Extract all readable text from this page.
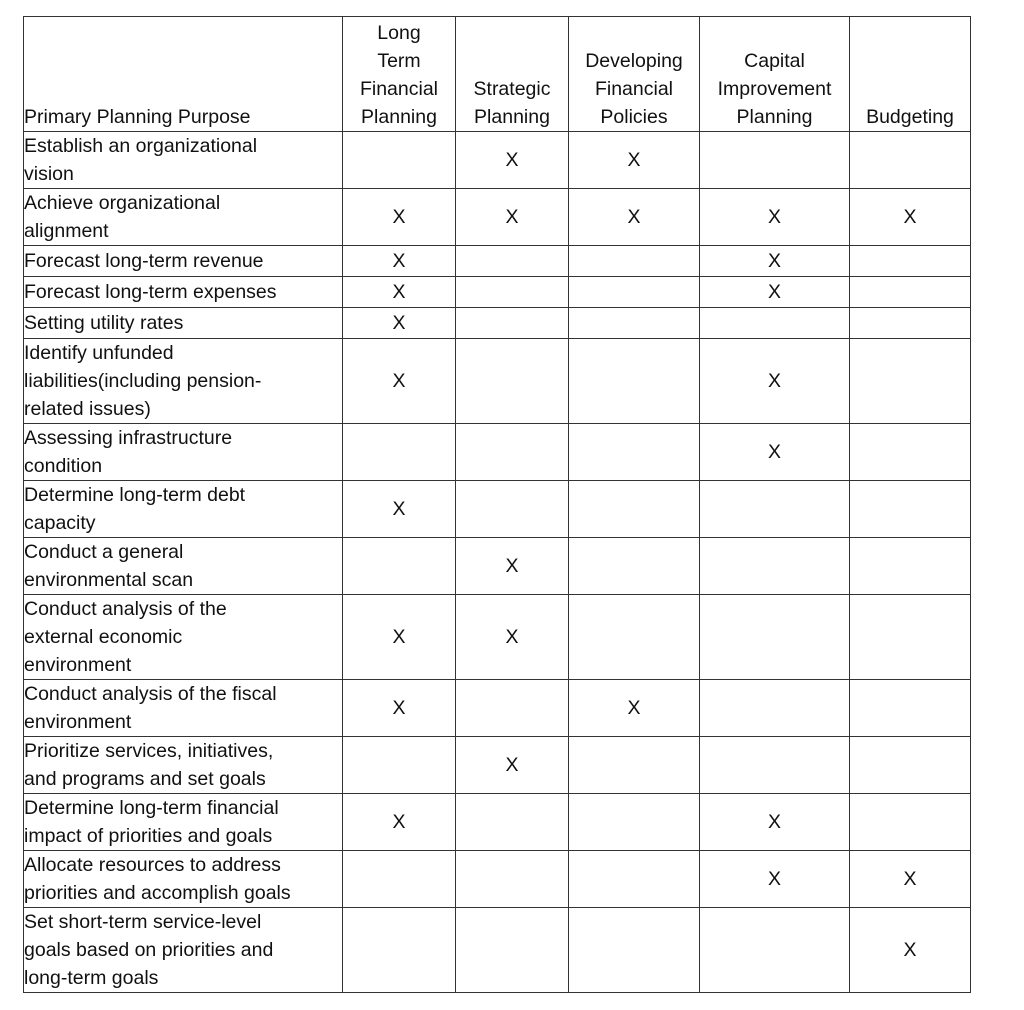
Primary Planning Purpose	Long
Term
Financial
Planning	Strategic
Planning	Developing
Financial
Policies	Capital
Improvement
Planning	Budgeting

Establish an organizational
vision		X	X		
Achieve organizational
alignment	X	X	X	X	X
Forecast long-term revenue	X			X	
Forecast long-term expenses	X			X	
Setting utility rates	X				
Identify unfunded
liabilities(including pension-
related issues)	X			X	
Assessing infrastructure
condition				X	
Determine long-term debt
capacity	X				
Conduct a general
environmental scan		X			
Conduct analysis of the
external economic
environment	X	X			
Conduct analysis of the fiscal
environment	X		X		
Prioritize services, initiatives,
and programs and set goals		X			
Determine long-term financial
impact of priorities and goals	X			X	
Allocate resources to address
priorities and accomplish goals				X	X
Set short-term service-level
goals based on priorities and
long-term goals					X
